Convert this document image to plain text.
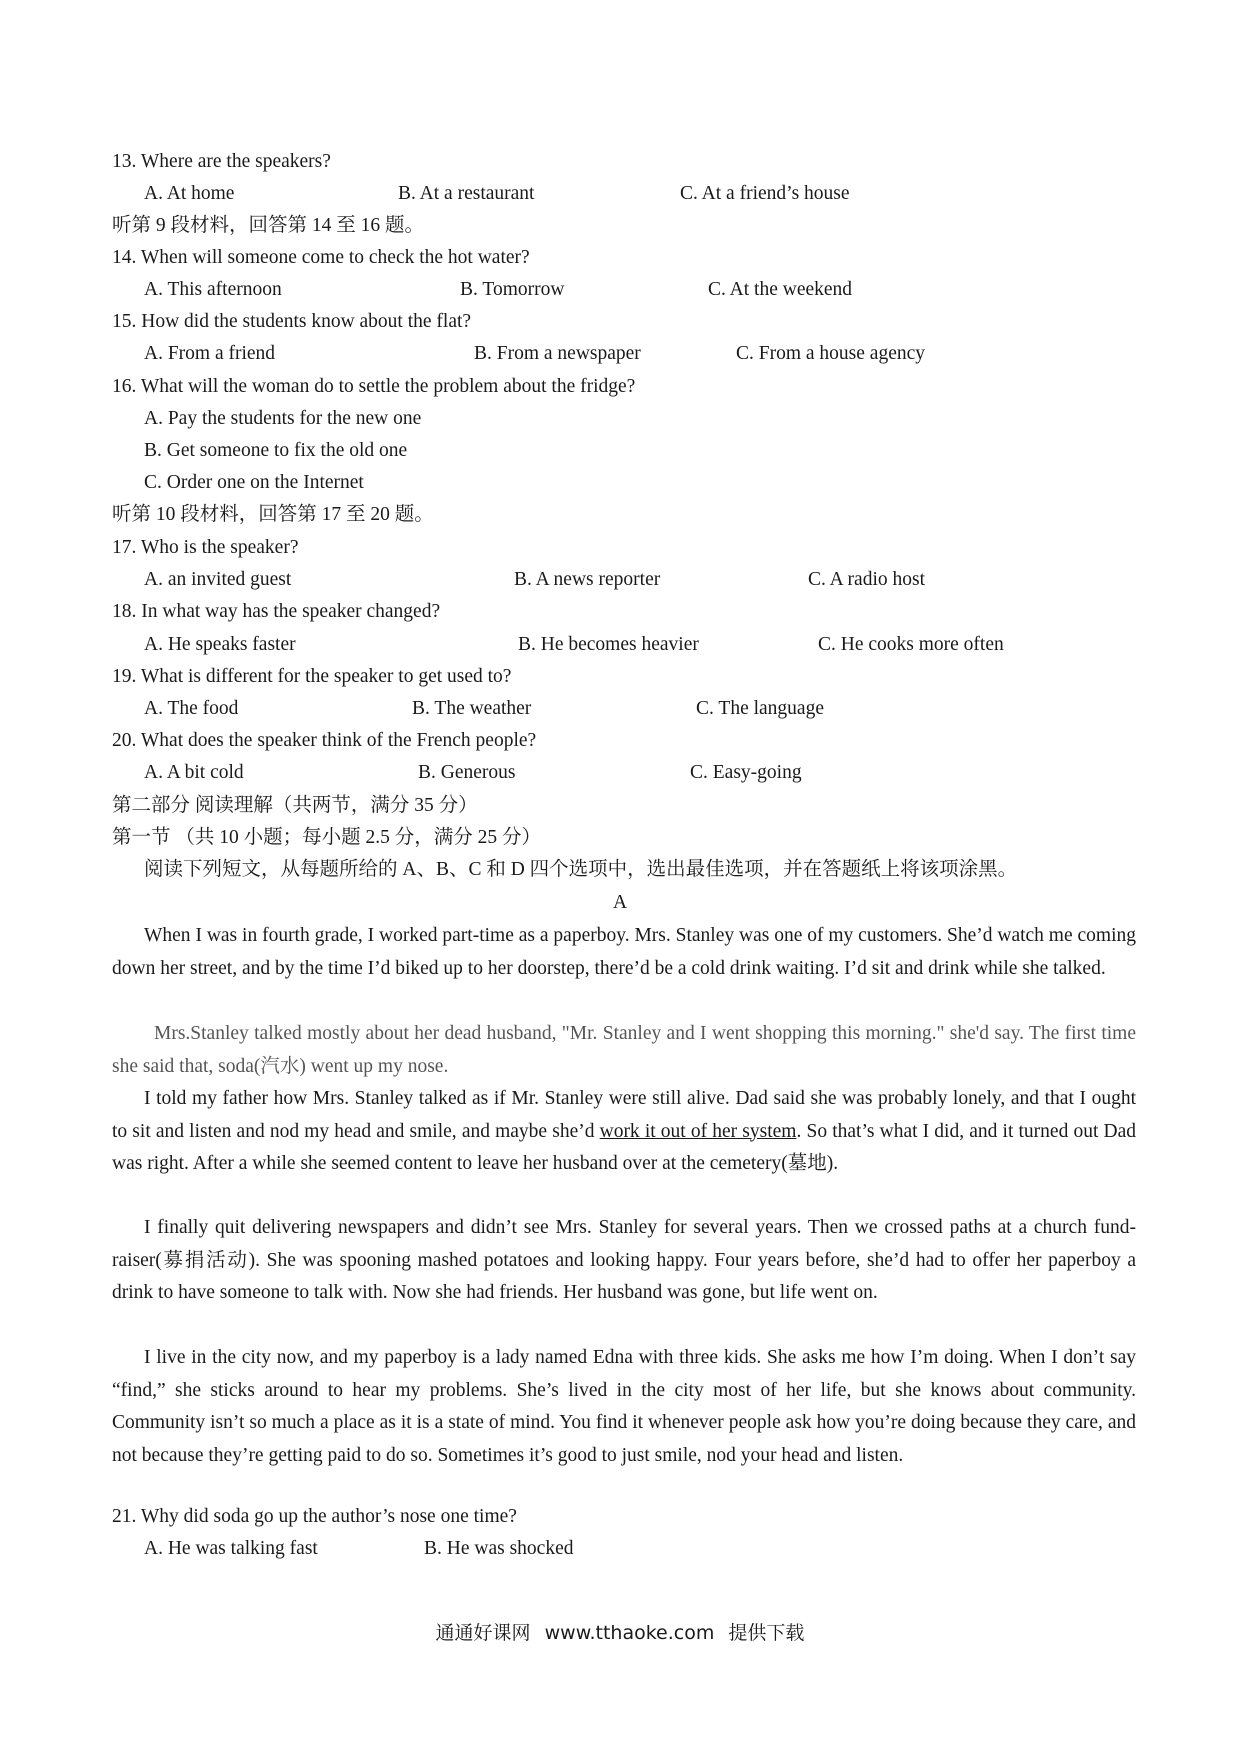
13. Where are the speakers?
A. At home	B. At a restaurant	C. At a friend’s house
听第 9 段材料，回答第 14 至 16 题。
14. When will someone come to check the hot water?
A. This afternoon	B. Tomorrow	C. At the weekend
15. How did the students know about the flat?
A. From a friend	B. From a newspaper	C. From a house agency
16. What will the woman do to settle the problem about the fridge?
A. Pay the students for the new one
B. Get someone to fix the old one
C. Order one on the Internet
听第 10 段材料，回答第 17 至 20 题。
17. Who is the speaker?
A. an invited guest	B. A news reporter	C. A radio host
18. In what way has the speaker changed?
A. He speaks faster	B. He becomes heavier	C. He cooks more often
19. What is different for the speaker to get used to?
A. The food	B. The weather	C. The language
20. What does the speaker think of the French people?
A. A bit cold	B. Generous	C. Easy-going
第二部分 阅读理解（共两节，满分 35 分）
第一节 （共 10 小题；每小题 2.5 分，满分 25 分）
阅读下列短文，从每题所给的 A、B、C 和 D 四个选项中，选出最佳选项，并在答题纸上将该项涂黑。
A
When I was in fourth grade, I worked part-time as a paperboy. Mrs. Stanley was one of my customers. She’d watch me coming down her street, and by the time I’d biked up to her doorstep, there’d be a cold drink waiting. I’d sit and drink while she talked.
Mrs.Stanley talked mostly about her dead husband, "Mr. Stanley and I went shopping this morning." she'd say. The first time she said that, soda(汽水) went up my nose.
I told my father how Mrs. Stanley talked as if Mr. Stanley were still alive. Dad said she was probably lonely, and that I ought to sit and listen and nod my head and smile, and maybe she’d work it out of her system. So that’s what I did, and it turned out Dad was right. After a while she seemed content to leave her husband over at the cemetery(墓地).
I finally quit delivering newspapers and didn’t see Mrs. Stanley for several years. Then we crossed paths at a church fund-raiser(募捐活动). She was spooning mashed potatoes and looking happy. Four years before, she’d had to offer her paperboy a drink to have someone to talk with. Now she had friends. Her husband was gone, but life went on.
I live in the city now, and my paperboy is a lady named Edna with three kids. She asks me how I’m doing. When I don’t say “find,” she sticks around to hear my problems. She’s lived in the city most of her life, but she knows about community. Community isn’t so much a place as it is a state of mind. You find it whenever people ask how you’re doing because they care, and not because they’re getting paid to do so. Sometimes it’s good to just smile, nod your head and listen.
21. Why did soda go up the author’s nose one time?
A. He was talking fast	B. He was shocked
通通好课网 www.tthaoke.com 提供下载
